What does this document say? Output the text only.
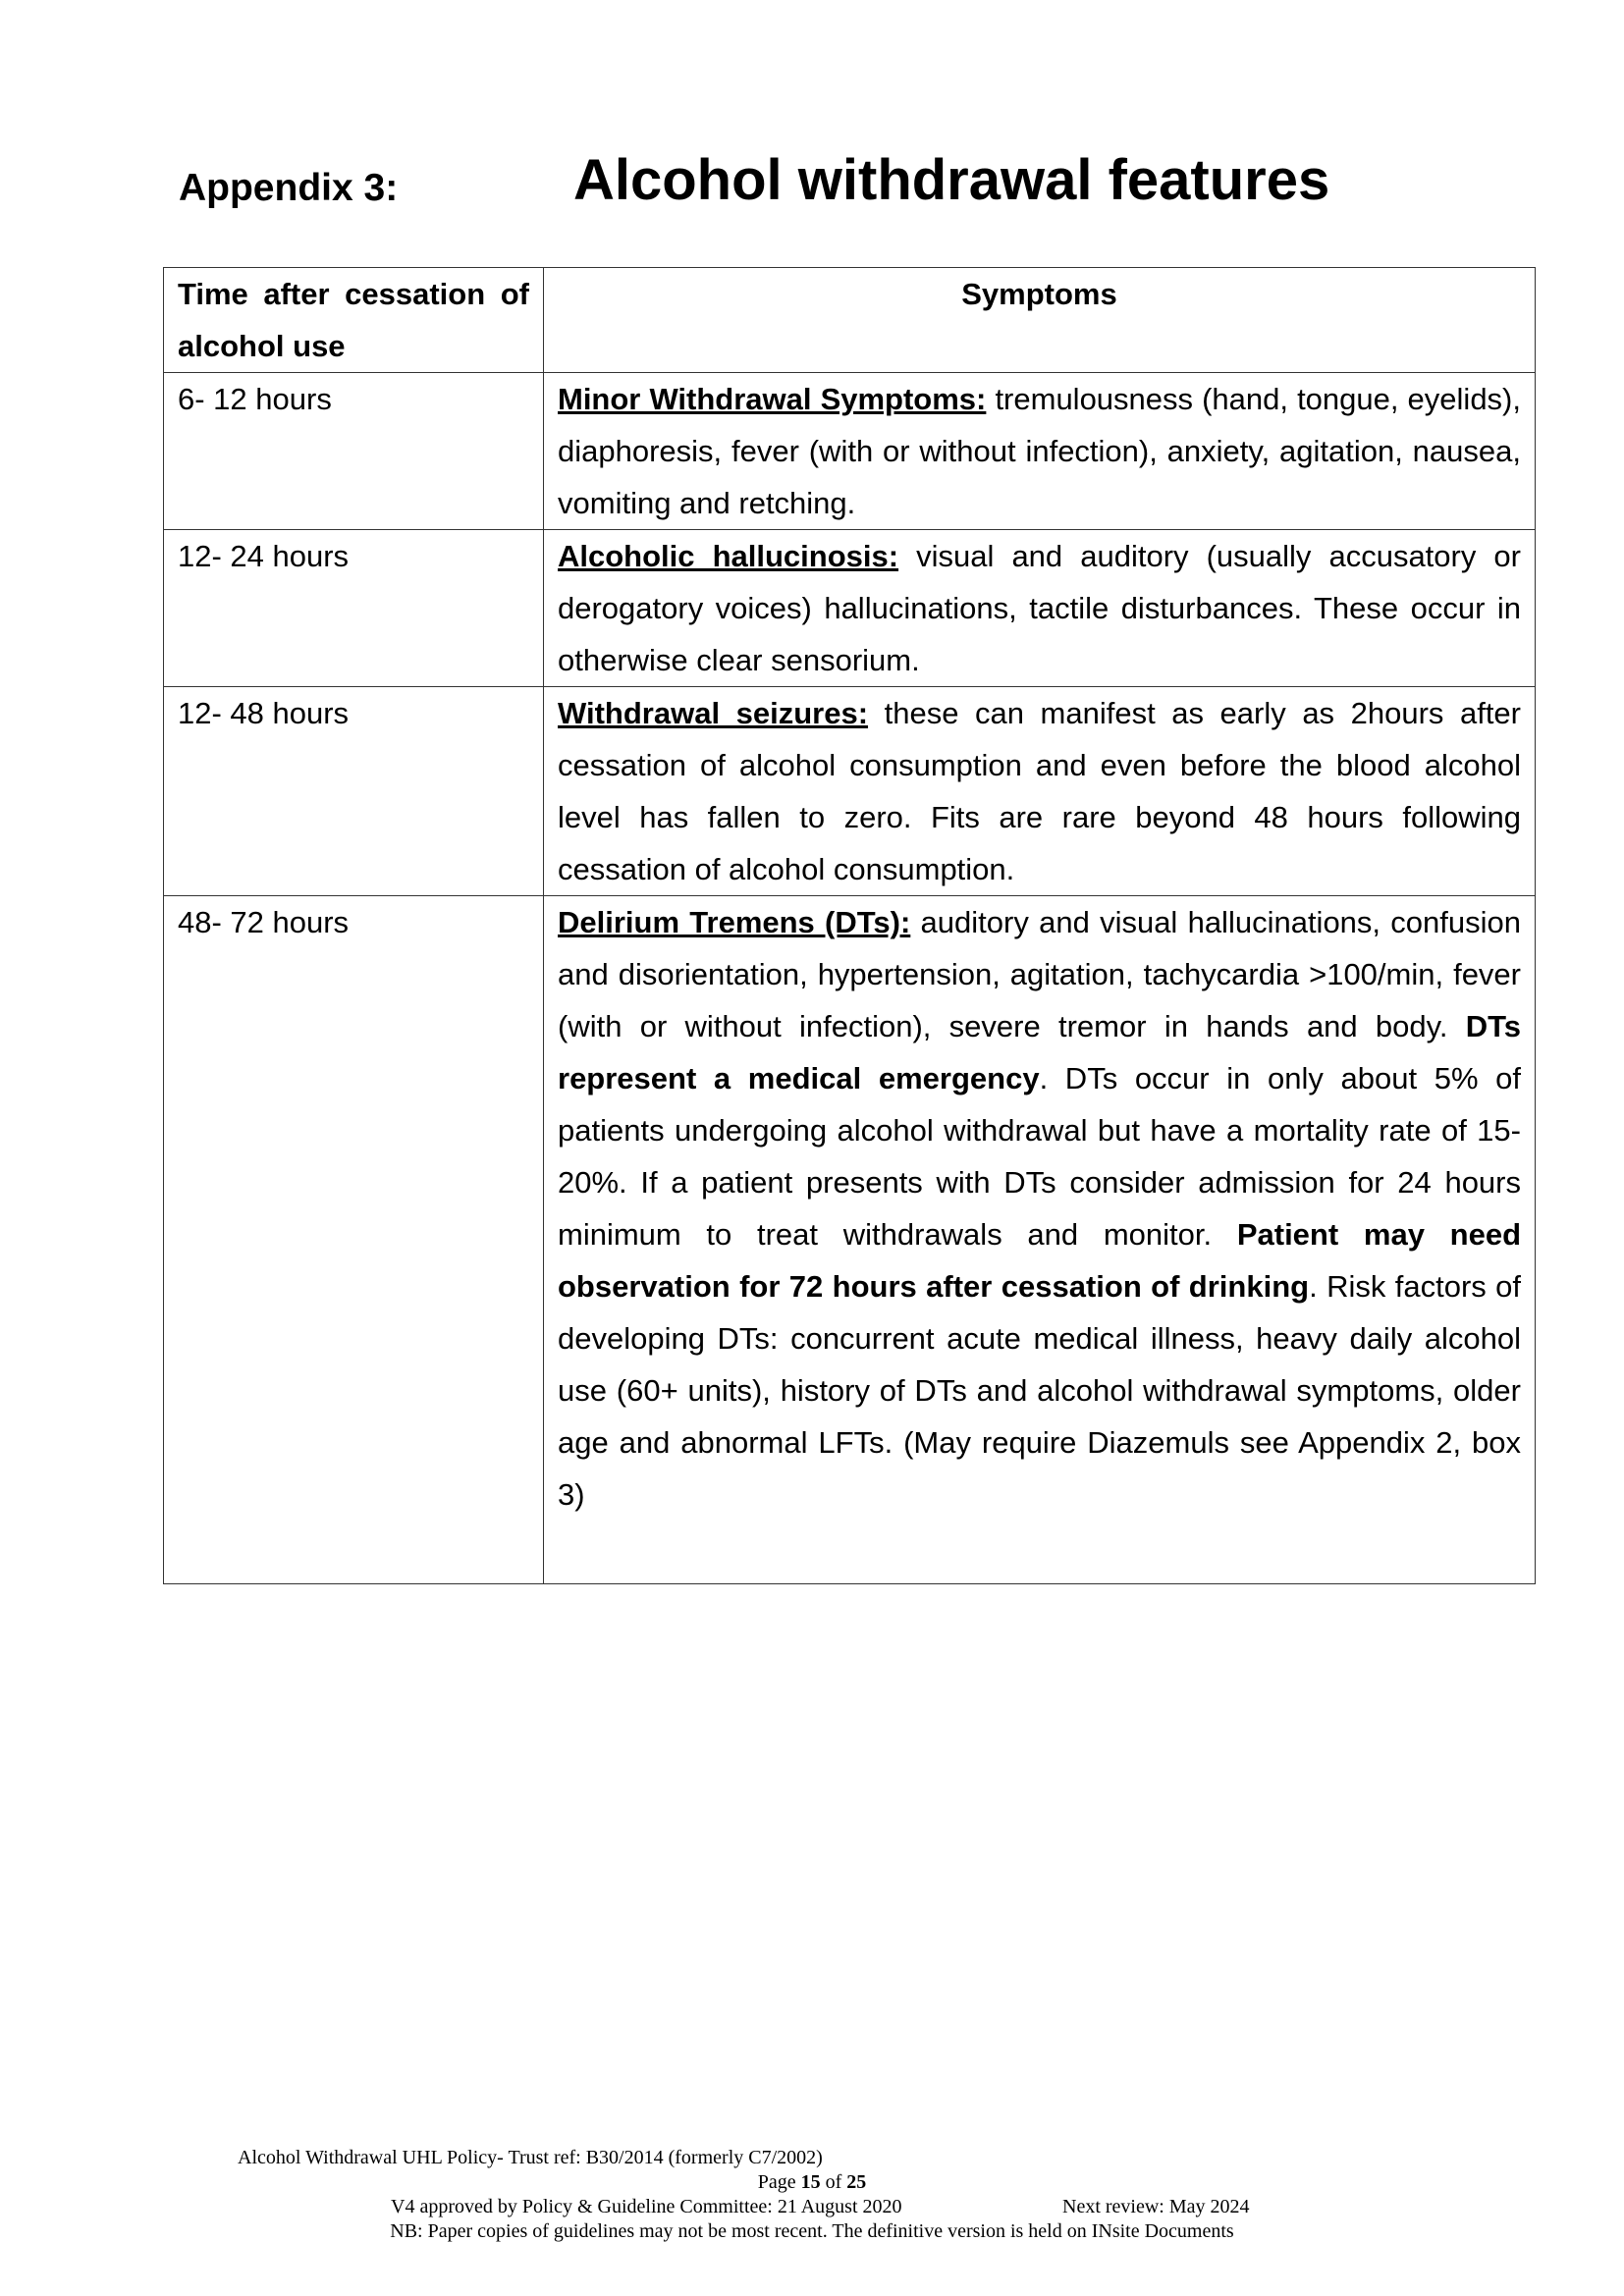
Appendix 3:	Alcohol withdrawal features
Time after cessation of alcohol use	Symptoms
6- 12 hours	Minor Withdrawal Symptoms: tremulousness (hand, tongue, eyelids), diaphoresis, fever (with or without infection), anxiety, agitation, nausea, vomiting and retching.
12- 24 hours	Alcoholic hallucinosis: visual and auditory (usually accusatory or derogatory voices) hallucinations, tactile disturbances. These occur in otherwise clear sensorium.
12- 48 hours	Withdrawal seizures: these can manifest as early as 2hours after cessation of alcohol consumption and even before the blood alcohol level has fallen to zero. Fits are rare beyond 48 hours following cessation of alcohol consumption.
48- 72 hours	Delirium Tremens (DTs): auditory and visual hallucinations, confusion and disorientation, hypertension, agitation, tachycardia >100/min, fever (with or without infection), severe tremor in hands and body. DTs represent a medical emergency. DTs occur in only about 5% of patients undergoing alcohol withdrawal but have a mortality rate of 15-20%. If a patient presents with DTs consider admission for 24 hours minimum to treat withdrawals and monitor. Patient may need observation for 72 hours after cessation of drinking. Risk factors of developing DTs: concurrent acute medical illness, heavy daily alcohol use (60+ units), history of DTs and alcohol withdrawal symptoms, older age and abnormal LFTs. (May require Diazemuls see Appendix 2, box 3)
Alcohol Withdrawal UHL Policy- Trust ref: B30/2014 (formerly C7/2002)
Page 15 of 25
V4 approved by Policy & Guideline Committee: 21 August 2020	Next review: May 2024
NB: Paper copies of guidelines may not be most recent. The definitive version is held on INsite Documents
